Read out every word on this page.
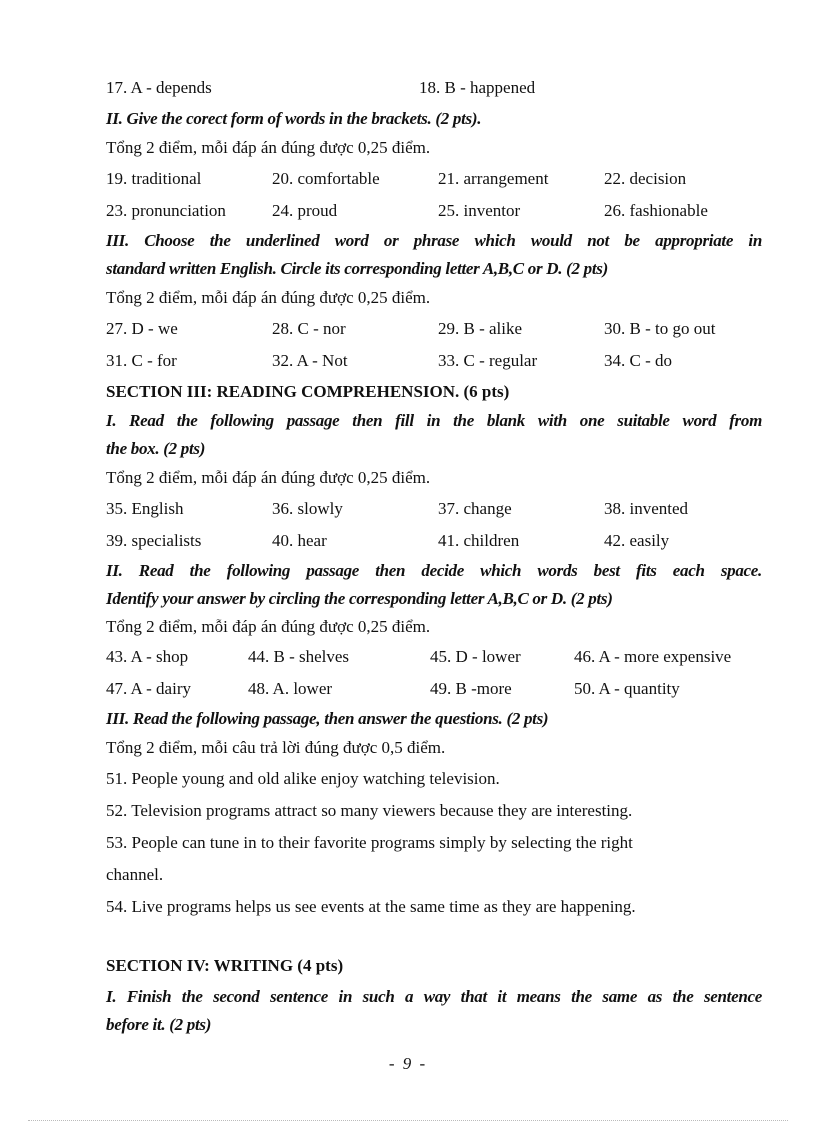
17. A - depends	18. B - happened
II. Give the corect form of words in the brackets. (2 pts).
Tổng 2 điểm, mỗi đáp án đúng được 0,25 điểm.
19. traditional	20. comfortable	21. arrangement	22. decision
23. pronunciation	24. proud	25. inventor	26. fashionable
III. Choose the underlined word or phrase which would not be appropriate in
standard written English. Circle its corresponding letter A,B,C or D. (2 pts)
Tổng 2 điểm, mỗi đáp án đúng được 0,25 điểm.
27. D - we	28. C - nor	29. B - alike	30. B - to go out
31. C - for	32. A - Not	33. C - regular	34. C - do
SECTION III: READING COMPREHENSION. (6 pts)
I. Read the following passage then fill in the blank with one suitable word from
the box. (2 pts)
Tổng 2 điểm, mỗi đáp án đúng được 0,25 điểm.
35. English	36. slowly	37. change	38. invented
39. specialists	40. hear	41. children	42. easily
II. Read the following passage then decide which words best fits each space.
Identify your answer by circling the corresponding letter A,B,C or D. (2 pts)
Tổng 2 điểm, mỗi đáp án đúng được 0,25 điểm.
43. A - shop	44. B - shelves	45. D - lower	46. A - more expensive
47. A - dairy	48. A. lower	49. B -more	50. A - quantity
III. Read the following passage, then answer the questions. (2 pts)
Tổng 2 điểm, mỗi câu trả lời đúng được 0,5 điểm.
51. People young and old alike enjoy watching television.
52. Television programs attract so many viewers because they are interesting.
53. People can tune in to their favorite programs simply by selecting the right
channel.
54. Live programs helps us see events at the same time as they are happening.
SECTION IV: WRITING (4 pts)
I. Finish the second sentence in such a way that it means the same as the sentence
before it. (2 pts)
- 9 -
